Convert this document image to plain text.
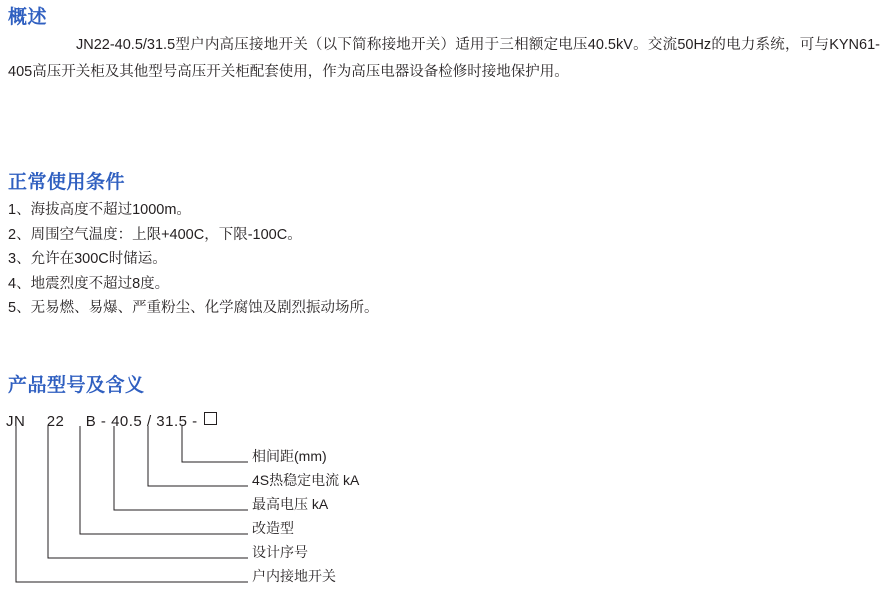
概述
JN22-40.5/31.5型户内高压接地开关（以下简称接地开关）适用于三相额定电压40.5kV。交流50Hz的电力系统，可与KYN61-405高压开关柜及其他型号高压开关柜配套使用，作为高压电器设备检修时接地保护用。
正常使用条件
1、海拔高度不超过1000m。
2、周围空气温度：上限+400C，下限-100C。
3、允许在300C时储运。
4、地震烈度不超过8度。
5、无易燃、易爆、严重粉尘、化学腐蚀及剧烈振动场所。
产品型号及含义
JN 22 B - 40.5 / 31.5 -
相间距(mm)
4S热稳定电流 kA
最高电压 kA
改造型
设计序号
户内接地开关
